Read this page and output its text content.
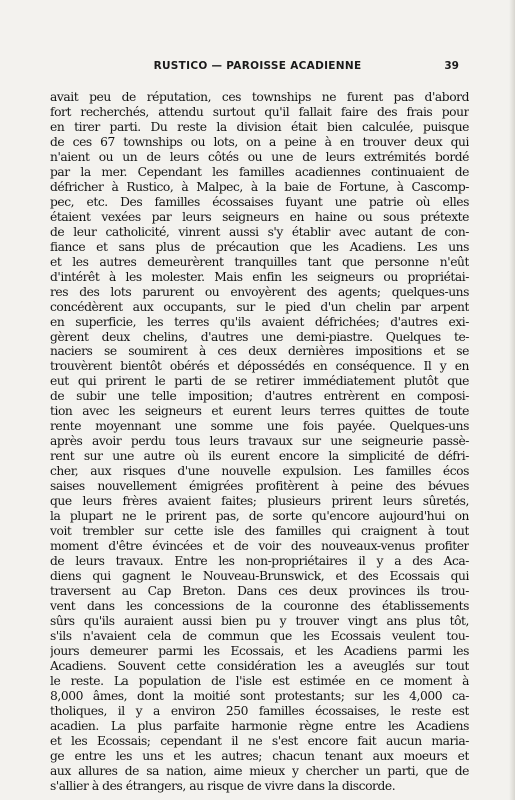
RUSTICO — PAROISSE ACADIENNE	39
avait peu de réputation, ces townships ne furent pas d'abord
fort recherchés, attendu surtout qu'il fallait faire des frais pour
en tirer parti. Du reste la division était bien calculée, puisque
de ces 67 townships ou lots, on a peine à en trouver deux qui
n'aient ou un de leurs côtés ou une de leurs extrémités bordé
par la mer. Cependant les familles acadiennes continuaient de
défricher à Rustico, à Malpec, à la baie de Fortune, à Cascomp-
pec, etc. Des familles écossaises fuyant une patrie où elles
étaient vexées par leurs seigneurs en haine ou sous prétexte
de leur catholicité, vinrent aussi s'y établir avec autant de con-
fiance et sans plus de précaution que les Acadiens. Les uns
et les autres demeurèrent tranquilles tant que personne n'eût
d'intérêt à les molester. Mais enfin les seigneurs ou propriétai-
res des lots parurent ou envoyèrent des agents; quelques-uns
concédèrent aux occupants, sur le pied d'un chelin par arpent
en superficie, les terres qu'ils avaient défrichées; d'autres exi-
gèrent deux chelins, d'autres une demi-piastre. Quelques te-
naciers se soumirent à ces deux dernières impositions et se
trouvèrent bientôt obérés et dépossédés en conséquence. Il y en
eut qui prirent le parti de se retirer immédiatement plutôt que
de subir une telle imposition; d'autres entrèrent en composi-
tion avec les seigneurs et eurent leurs terres quittes de toute
rente moyennant une somme une fois payée. Quelques-uns
après avoir perdu tous leurs travaux sur une seigneurie passè-
rent sur une autre où ils eurent encore la simplicité de défri-
cher, aux risques d'une nouvelle expulsion. Les familles écos
saises nouvellement émigrées profitèrent à peine des bévues
que leurs frères avaient faites; plusieurs prirent leurs sûretés,
la plupart ne le prirent pas, de sorte qu'encore aujourd'hui on
voit trembler sur cette isle des familles qui craignent à tout
moment d'être évincées et de voir des nouveaux-venus profiter
de leurs travaux. Entre les non-propriétaires il y a des Aca-
diens qui gagnent le Nouveau-Brunswick, et des Ecossais qui
traversent au Cap Breton. Dans ces deux provinces ils trou-
vent dans les concessions de la couronne des établissements
sûrs qu'ils auraient aussi bien pu y trouver vingt ans plus tôt,
s'ils n'avaient cela de commun que les Ecossais veulent tou-
jours demeurer parmi les Ecossais, et les Acadiens parmi les
Acadiens. Souvent cette considération les a aveuglés sur tout
le reste. La population de l'isle est estimée en ce moment à
8,000 âmes, dont la moitié sont protestants; sur les 4,000 ca-
tholiques, il y a environ 250 familles écossaises, le reste est
acadien. La plus parfaite harmonie règne entre les Acadiens
et les Ecossais; cependant il ne s'est encore fait aucun maria-
ge entre les uns et les autres; chacun tenant aux moeurs et
aux allures de sa nation, aime mieux y chercher un parti, que de
s'allier à des étrangers, au risque de vivre dans la discorde.
